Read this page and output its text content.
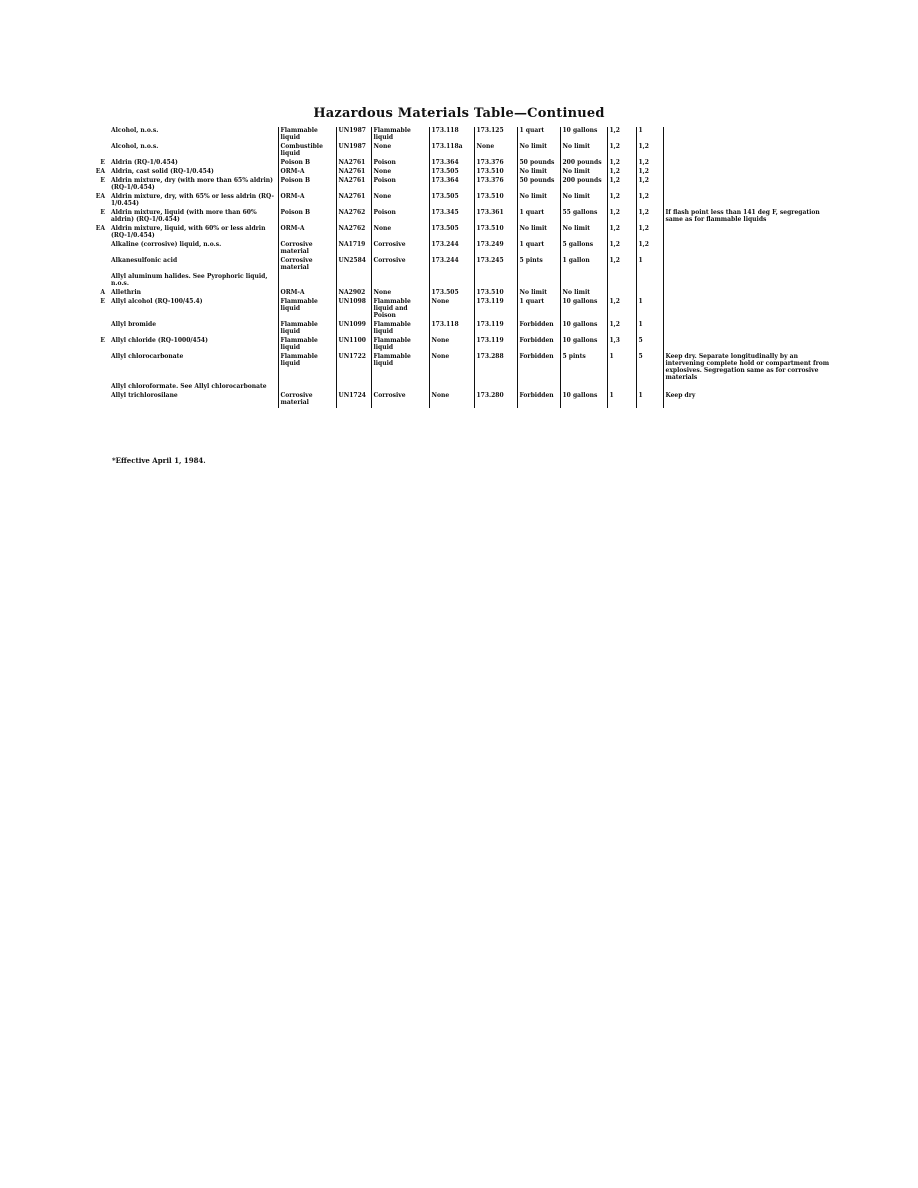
Hazardous Materials Table—Continued
	Alcohol, n.o.s.	Flammable liquid	UN1987	Flammable liquid	173.118	173.125	1 quart	10 gallons	1,2	1	
	Alcohol, n.o.s.	Combustible liquid	UN1987	None	173.118a	None	No limit	No limit	1,2	1,2	
E	Aldrin (RQ-1/0.454)	Poison B	NA2761	Poison	173.364	173.376	50 pounds	200 pounds	1,2	1,2	
EA	Aldrin, cast solid (RQ-1/0.454)	ORM-A	NA2761	None	173.505	173.510	No limit	No limit	1,2	1,2	
E	Aldrin mixture, dry (with more than 65% aldrin) (RQ-1/0.454)	Poison B	NA2761	Poison	173.364	173.376	50 pounds	200 pounds	1,2	1,2	
EA	Aldrin mixture, dry, with 65% or less aldrin (RQ-1/0.454)	ORM-A	NA2761	None	173.505	173.510	No limit	No limit	1,2	1,2	
E	Aldrin mixture, liquid (with more than 60% aldrin) (RQ-1/0.454)	Poison B	NA2762	Poison	173.345	173.361	1 quart	55 gallons	1,2	1,2	If flash point less than 141 deg F, segregation same as for flammable liquids
EA	Aldrin mixture, liquid, with 60% or less aldrin (RQ-1/0.454)	ORM-A	NA2762	None	173.505	173.510	No limit	No limit	1,2	1,2	
	Alkaline (corrosive) liquid, n.o.s.	Corrosive material	NA1719	Corrosive	173.244	173.249	1 quart	5 gallons	1,2	1,2	
	Alkanesulfonic acid	Corrosive material	UN2584	Corrosive	173.244	173.245	5 pints	1 gallon	1,2	1	
	Allyl aluminum halides. See Pyrophoric liquid, n.o.s.										
A	Allethrin	ORM-A	NA2902	None	173.505	173.510	No limit	No limit			
E	Allyl alcohol (RQ-100/45.4)	Flammable liquid	UN1098	Flammable liquid and Poison	None	173.119	1 quart	10 gallons	1,2	1	
	Allyl bromide	Flammable liquid	UN1099	Flammable liquid	173.118	173.119	Forbidden	10 gallons	1,2	1	
E	Allyl chloride (RQ-1000/454)	Flammable liquid	UN1100	Flammable liquid	None	173.119	Forbidden	10 gallons	1,3	5	
	Allyl chlorocarbonate	Flammable liquid	UN1722	Flammable liquid	None	173.288	Forbidden	5 pints	1	5	Keep dry. Separate longitudinally by an intervening complete hold or compartment from explosives. Segregation same as for corrosive materials
	Allyl chloroformate. See Allyl chlorocarbonate										
	Allyl trichlorosilane	Corrosive material	UN1724	Corrosive	None	173.280	Forbidden	10 gallons	1	1	Keep dry
*Effective April 1, 1984.
